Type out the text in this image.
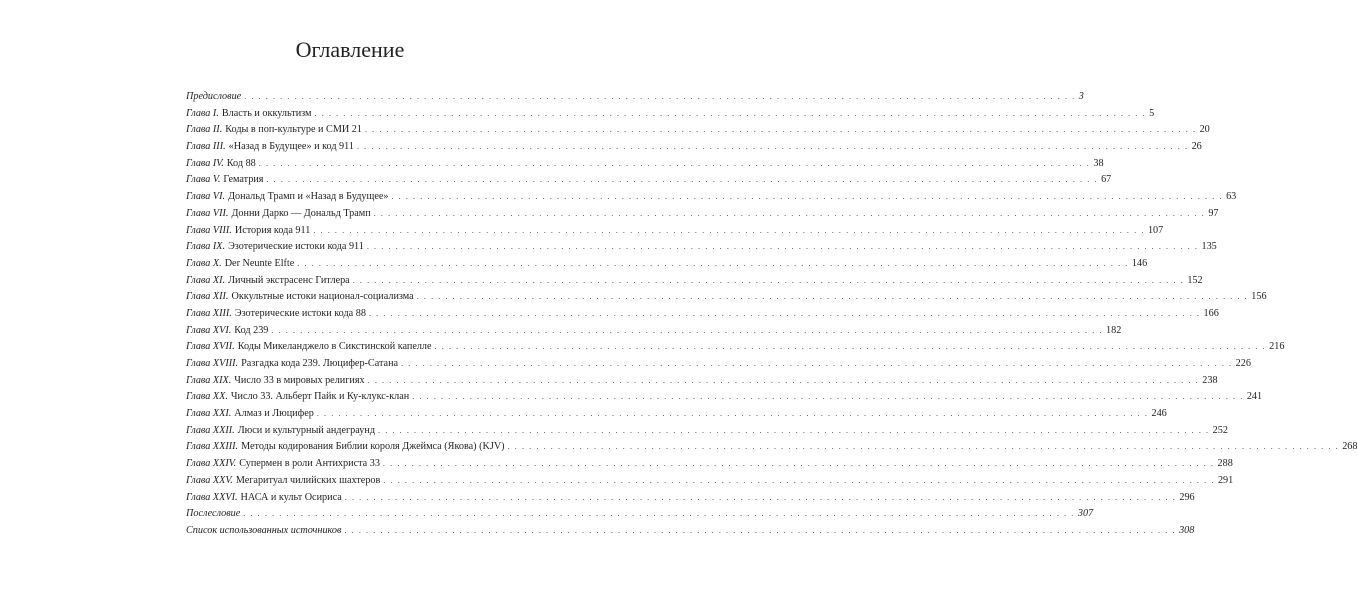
Оглавление
Предисловие . . .	3
Глава I. Власть и оккультизм . . .	5
Глава II. Коды в поп-культуре и СМИ 21 . . .	20
Глава III. «Назад в Будущее» и код 911 . . .	26
Глава IV. Код 88 . . .	38
Глава V. Гематрия . . .	67
Глава VI. Дональд Трамп и «Назад в Будущее» . . .	63
Глава VII. Донни Дарко — Дональд Трамп . . .	97
Глава VIII. История кода 911 . . .	107
Глава IX. Эзотерические истоки кода 911 . . .	135
Глава X. Der Neunte Elfte . . .	146
Глава XI. Личный экстрасенс Гитлера . . .	152
Глава XII. Оккультные истоки национал-социализма . . .	156
Глава XIII. Эзотерические истоки кода 88 . . .	166
Глава XVI. Код 239 . . .	182
Глава XVII. Коды Микеланджело в Сикстинской капелле . . .	216
Глава XVIII. Разгадка кода 239. Люцифер-Сатана . . .	226
Глава XIX. Число 33 в мировых религиях . . .	238
Глава XX. Число 33. Альберт Пайк и Ку-клукс-клан . . .	241
Глава XXI. Алмаз и Люцифер . . .	246
Глава XXII. Люси и культурный андеграунд . . .	252
Глава XXIII. Методы кодирования Библии короля Джеймса (Якова) (KJV) . . .	268
Глава XXIV. Супермен в роли Антихриста 33 . . .	288
Глава XXV. Мегаритуал чилийских шахтеров . . .	291
Глава XXVI. НАСА и культ Осириса . . .	296
Послесловие . . .	307
Список использованных источников . . .	308
